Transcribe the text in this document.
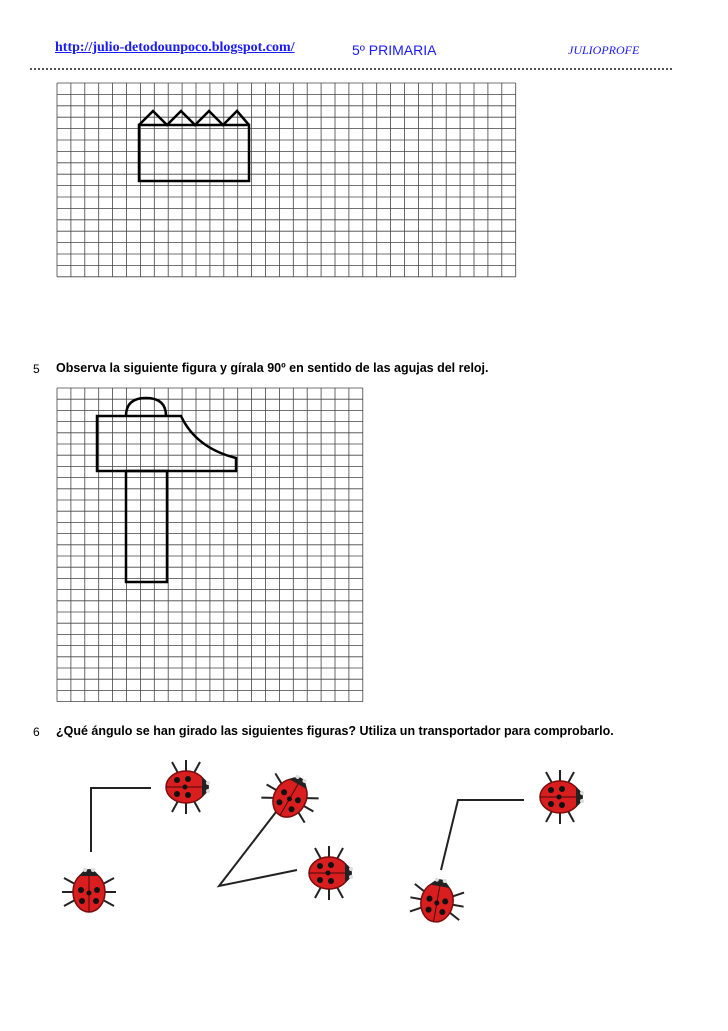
http://julio-detodounpoco.blogspot.com/	5º PRIMARIA	JULIOPROFE
5 Observa la siguiente figura y gírala 90º en sentido de las agujas del reloj.
6 ¿Qué ángulo se han girado las siguientes figuras? Utiliza un transportador para comprobarlo.
